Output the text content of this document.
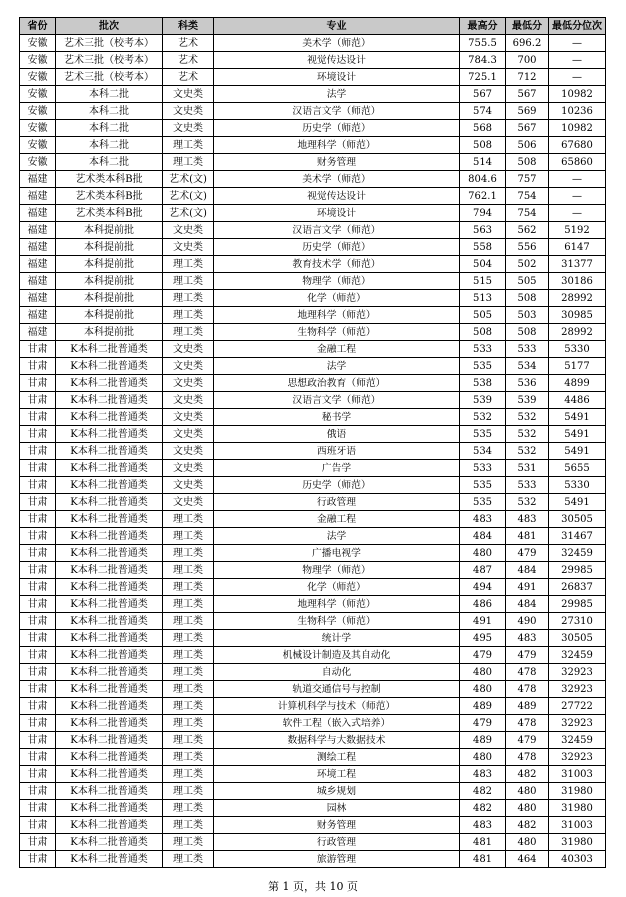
省份	批次	科类	专业	最高分	最低分	最低分位次
安徽	艺术三批（校考本）	艺术	美术学（师范）	755.5	696.2	—
安徽	艺术三批（校考本）	艺术	视觉传达设计	784.3	700	—
安徽	艺术三批（校考本）	艺术	环境设计	725.1	712	—
安徽	本科二批	文史类	法学	567	567	10982
安徽	本科二批	文史类	汉语言文学（师范）	574	569	10236
安徽	本科二批	文史类	历史学（师范）	568	567	10982
安徽	本科二批	理工类	地理科学（师范）	508	506	67680
安徽	本科二批	理工类	财务管理	514	508	65860
福建	艺术类本科B批	艺术(文)	美术学（师范）	804.6	757	—
福建	艺术类本科B批	艺术(文)	视觉传达设计	762.1	754	—
福建	艺术类本科B批	艺术(文)	环境设计	794	754	—
福建	本科提前批	文史类	汉语言文学（师范）	563	562	5192
福建	本科提前批	文史类	历史学（师范）	558	556	6147
福建	本科提前批	理工类	教育技术学（师范）	504	502	31377
福建	本科提前批	理工类	物理学（师范）	515	505	30186
福建	本科提前批	理工类	化学（师范）	513	508	28992
福建	本科提前批	理工类	地理科学（师范）	505	503	30985
福建	本科提前批	理工类	生物科学（师范）	508	508	28992
甘肃	K本科二批普通类	文史类	金融工程	533	533	5330
甘肃	K本科二批普通类	文史类	法学	535	534	5177
甘肃	K本科二批普通类	文史类	思想政治教育（师范）	538	536	4899
甘肃	K本科二批普通类	文史类	汉语言文学（师范）	539	539	4486
甘肃	K本科二批普通类	文史类	秘书学	532	532	5491
甘肃	K本科二批普通类	文史类	俄语	535	532	5491
甘肃	K本科二批普通类	文史类	西班牙语	534	532	5491
甘肃	K本科二批普通类	文史类	广告学	533	531	5655
甘肃	K本科二批普通类	文史类	历史学（师范）	535	533	5330
甘肃	K本科二批普通类	文史类	行政管理	535	532	5491
甘肃	K本科二批普通类	理工类	金融工程	483	483	30505
甘肃	K本科二批普通类	理工类	法学	484	481	31467
甘肃	K本科二批普通类	理工类	广播电视学	480	479	32459
甘肃	K本科二批普通类	理工类	物理学（师范）	487	484	29985
甘肃	K本科二批普通类	理工类	化学（师范）	494	491	26837
甘肃	K本科二批普通类	理工类	地理科学（师范）	486	484	29985
甘肃	K本科二批普通类	理工类	生物科学（师范）	491	490	27310
甘肃	K本科二批普通类	理工类	统计学	495	483	30505
甘肃	K本科二批普通类	理工类	机械设计制造及其自动化	479	479	32459
甘肃	K本科二批普通类	理工类	自动化	480	478	32923
甘肃	K本科二批普通类	理工类	轨道交通信号与控制	480	478	32923
甘肃	K本科二批普通类	理工类	计算机科学与技术（师范）	489	489	27722
甘肃	K本科二批普通类	理工类	软件工程（嵌入式培养）	479	478	32923
甘肃	K本科二批普通类	理工类	数据科学与大数据技术	489	479	32459
甘肃	K本科二批普通类	理工类	测绘工程	480	478	32923
甘肃	K本科二批普通类	理工类	环境工程	483	482	31003
甘肃	K本科二批普通类	理工类	城乡规划	482	480	31980
甘肃	K本科二批普通类	理工类	园林	482	480	31980
甘肃	K本科二批普通类	理工类	财务管理	483	482	31003
甘肃	K本科二批普通类	理工类	行政管理	481	480	31980
甘肃	K本科二批普通类	理工类	旅游管理	481	464	40303
第 1 页，共 10 页
